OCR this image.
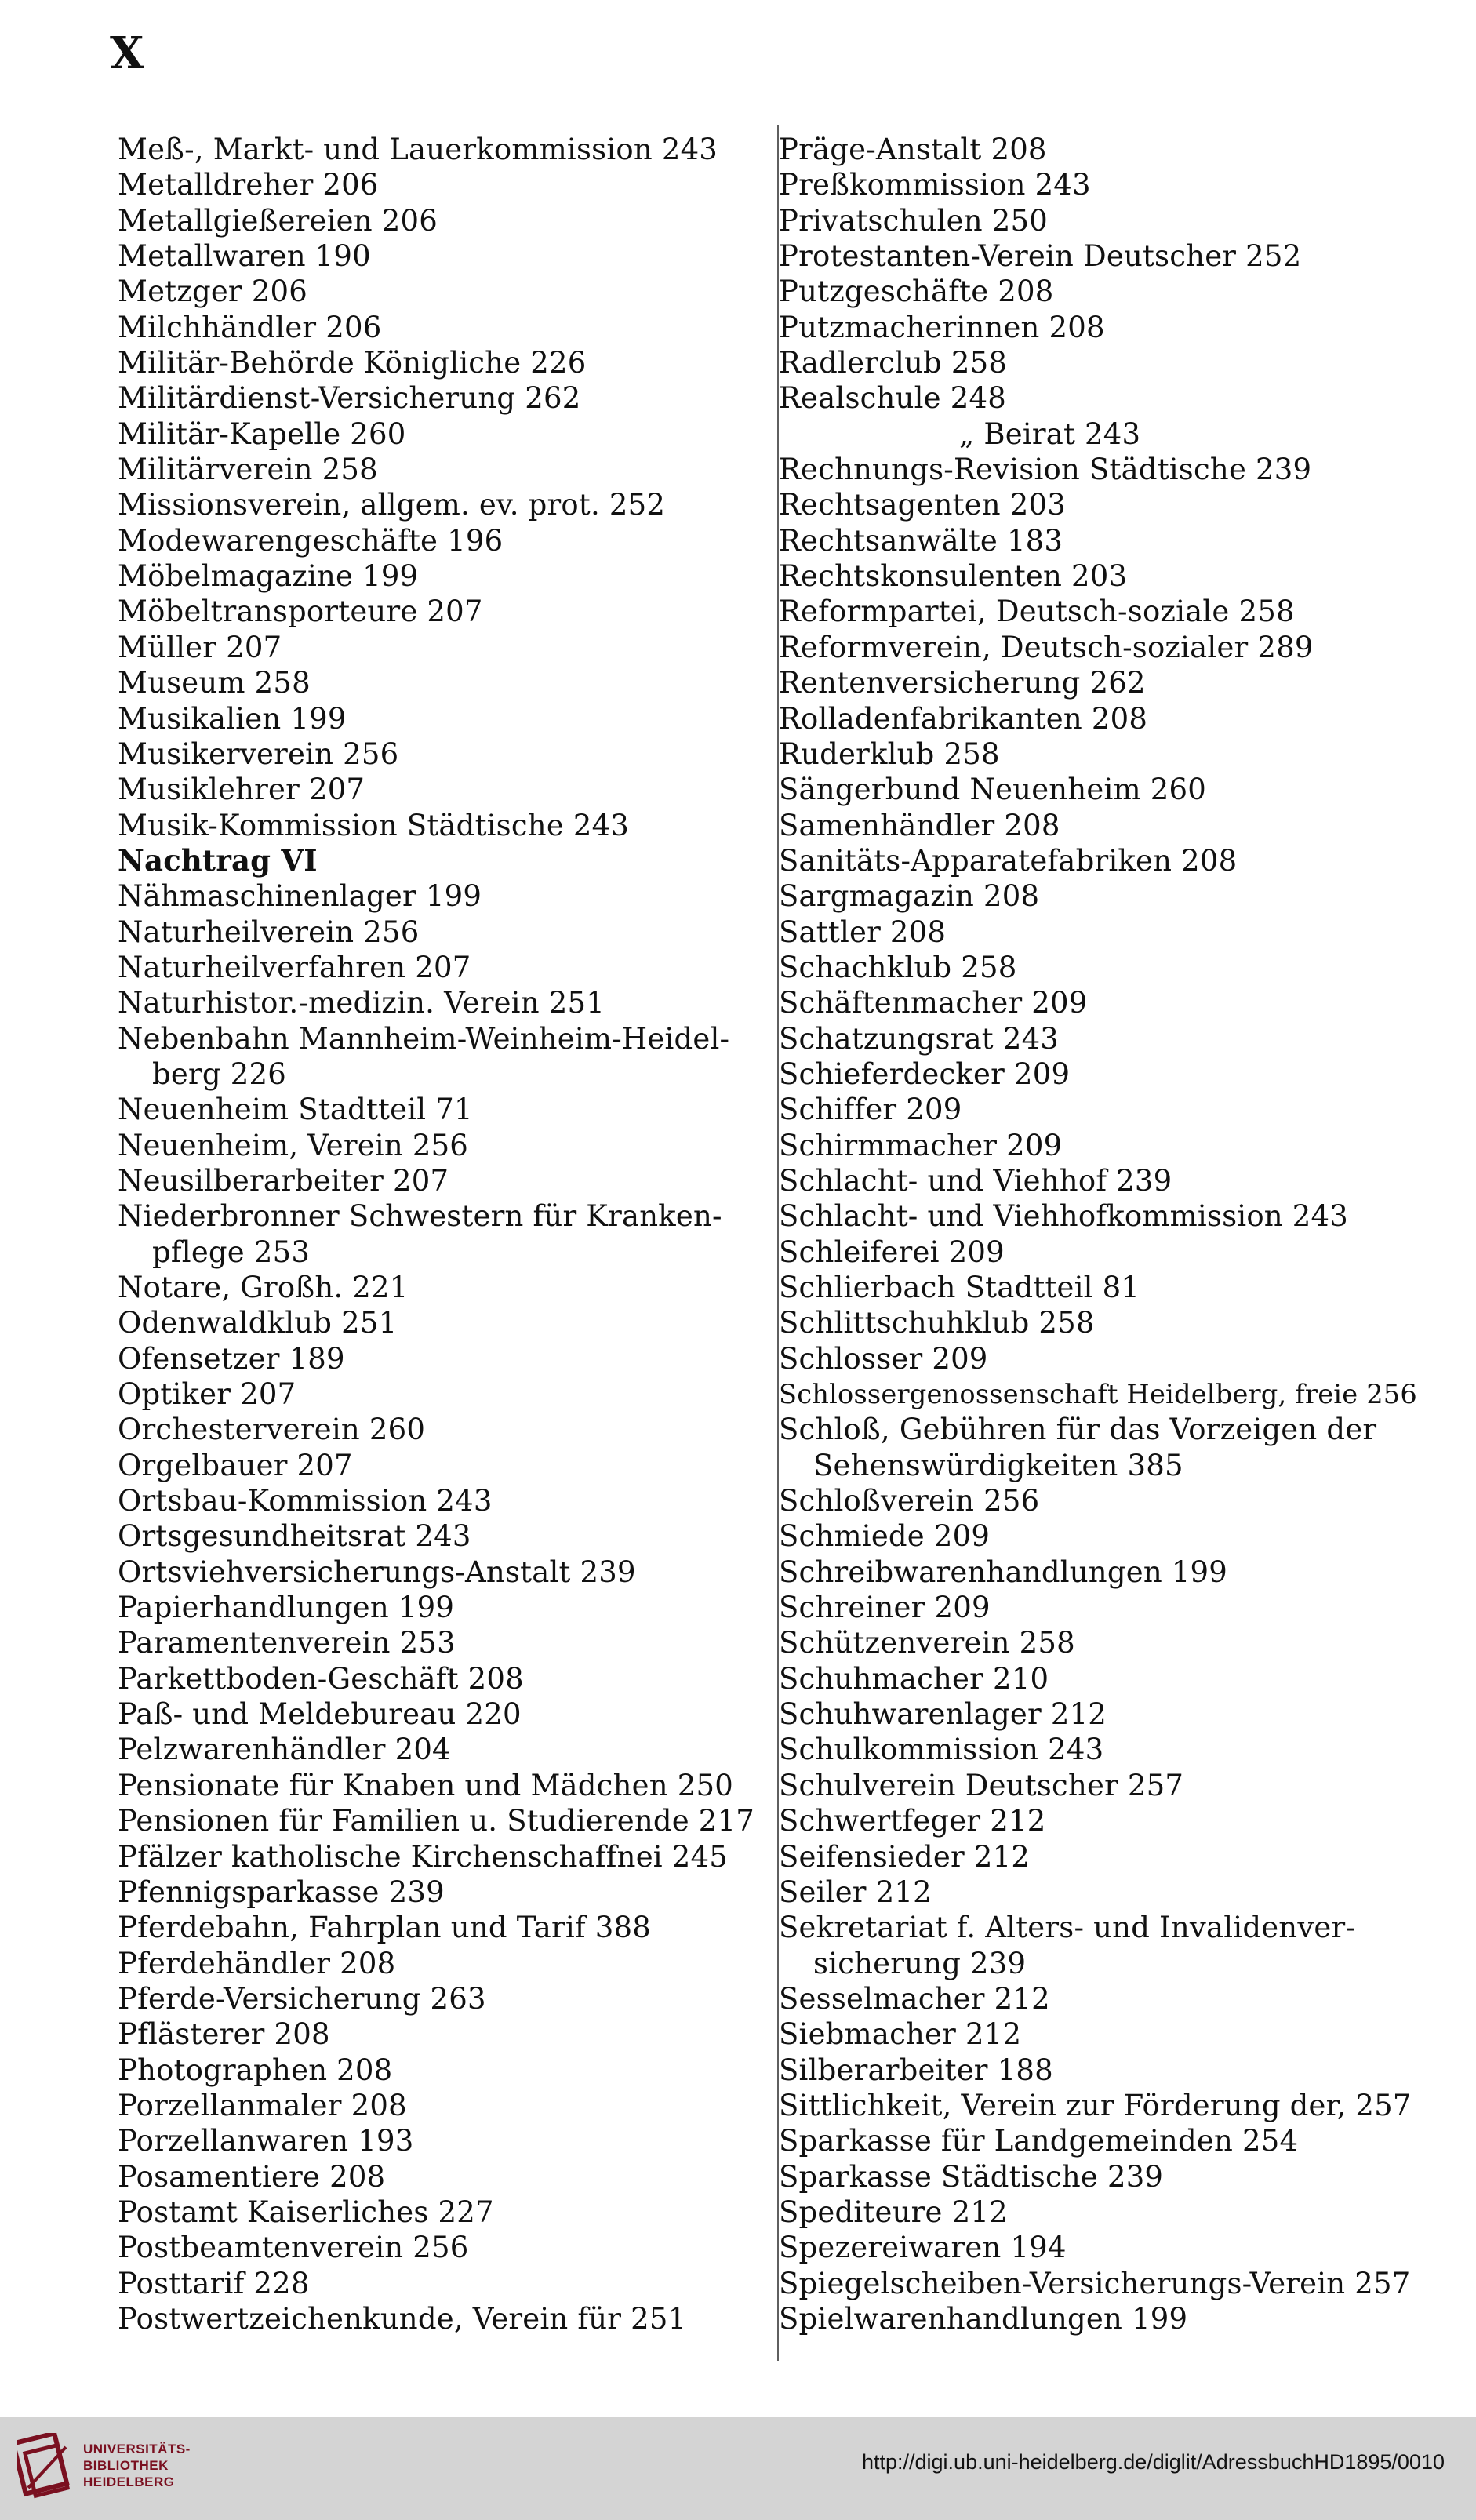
X
Meß-, Markt- und Lauerkommission 243
Metalldreher 206
Metallgießereien 206
Metallwaren 190
Metzger 206
Milchhändler 206
Militär-Behörde Königliche 226
Militärdienst-Versicherung 262
Militär-Kapelle 260
Militärverein 258
Missionsverein, allgem. ev. prot. 252
Modewarengeschäfte 196
Möbelmagazine 199
Möbeltransporteure 207
Müller 207
Museum 258
Musikalien 199
Musikerverein 256
Musiklehrer 207
Musik-Kommission Städtische 243
Nachtrag VI
Nähmaschinenlager 199
Naturheilverein 256
Naturheilverfahren 207
Naturhistor.-medizin. Verein 251
Nebenbahn Mannheim-Weinheim-Heidel-
berg 226
Neuenheim Stadtteil 71
Neuenheim, Verein 256
Neusilberarbeiter 207
Niederbronner Schwestern für Kranken-
pflege 253
Notare, Großh. 221
Odenwaldklub 251
Ofensetzer 189
Optiker 207
Orchesterverein 260
Orgelbauer 207
Ortsbau-Kommission 243
Ortsgesundheitsrat 243
Ortsviehversicherungs-Anstalt 239
Papierhandlungen 199
Paramentenverein 253
Parkettboden-Geschäft 208
Paß- und Meldebureau 220
Pelzwarenhändler 204
Pensionate für Knaben und Mädchen 250
Pensionen für Familien u. Studierende 217
Pfälzer katholische Kirchenschaffnei 245
Pfennigsparkasse 239
Pferdebahn, Fahrplan und Tarif 388
Pferdehändler 208
Pferde-Versicherung 263
Pflästerer 208
Photographen 208
Porzellanmaler 208
Porzellanwaren 193
Posamentiere 208
Postamt Kaiserliches 227
Postbeamtenverein 256
Posttarif 228
Postwertzeichenkunde, Verein für 251
Präge-Anstalt 208
Preßkommission 243
Privatschulen 250
Protestanten-Verein Deutscher 252
Putzgeschäfte 208
Putzmacherinnen 208
Radlerclub 258
Realschule 248
„ Beirat 243
Rechnungs-Revision Städtische 239
Rechtsagenten 203
Rechtsanwälte 183
Rechtskonsulenten 203
Reformpartei, Deutsch-soziale 258
Reformverein, Deutsch-sozialer 289
Rentenversicherung 262
Rolladenfabrikanten 208
Ruderklub 258
Sängerbund Neuenheim 260
Samenhändler 208
Sanitäts-Apparatefabriken 208
Sargmagazin 208
Sattler 208
Schachklub 258
Schäftenmacher 209
Schatzungsrat 243
Schieferdecker 209
Schiffer 209
Schirmmacher 209
Schlacht- und Viehhof 239
Schlacht- und Viehhofkommission 243
Schleiferei 209
Schlierbach Stadtteil 81
Schlittschuhklub 258
Schlosser 209
Schlossergenossenschaft Heidelberg, freie 256
Schloß, Gebühren für das Vorzeigen der
Sehenswürdigkeiten 385
Schloßverein 256
Schmiede 209
Schreibwarenhandlungen 199
Schreiner 209
Schützenverein 258
Schuhmacher 210
Schuhwarenlager 212
Schulkommission 243
Schulverein Deutscher 257
Schwertfeger 212
Seifensieder 212
Seiler 212
Sekretariat f. Alters- und Invalidenver-
sicherung 239
Sesselmacher 212
Siebmacher 212
Silberarbeiter 188
Sittlichkeit, Verein zur Förderung der, 257
Sparkasse für Landgemeinden 254
Sparkasse Städtische 239
Spediteure 212
Spezereiwaren 194
Spiegelscheiben-Versicherungs-Verein 257
Spielwarenhandlungen 199
UNIVERSITÄTS-
BIBLIOTHEK
HEIDELBERG
http://digi.ub.uni-heidelberg.de/diglit/AdressbuchHD1895/0010
